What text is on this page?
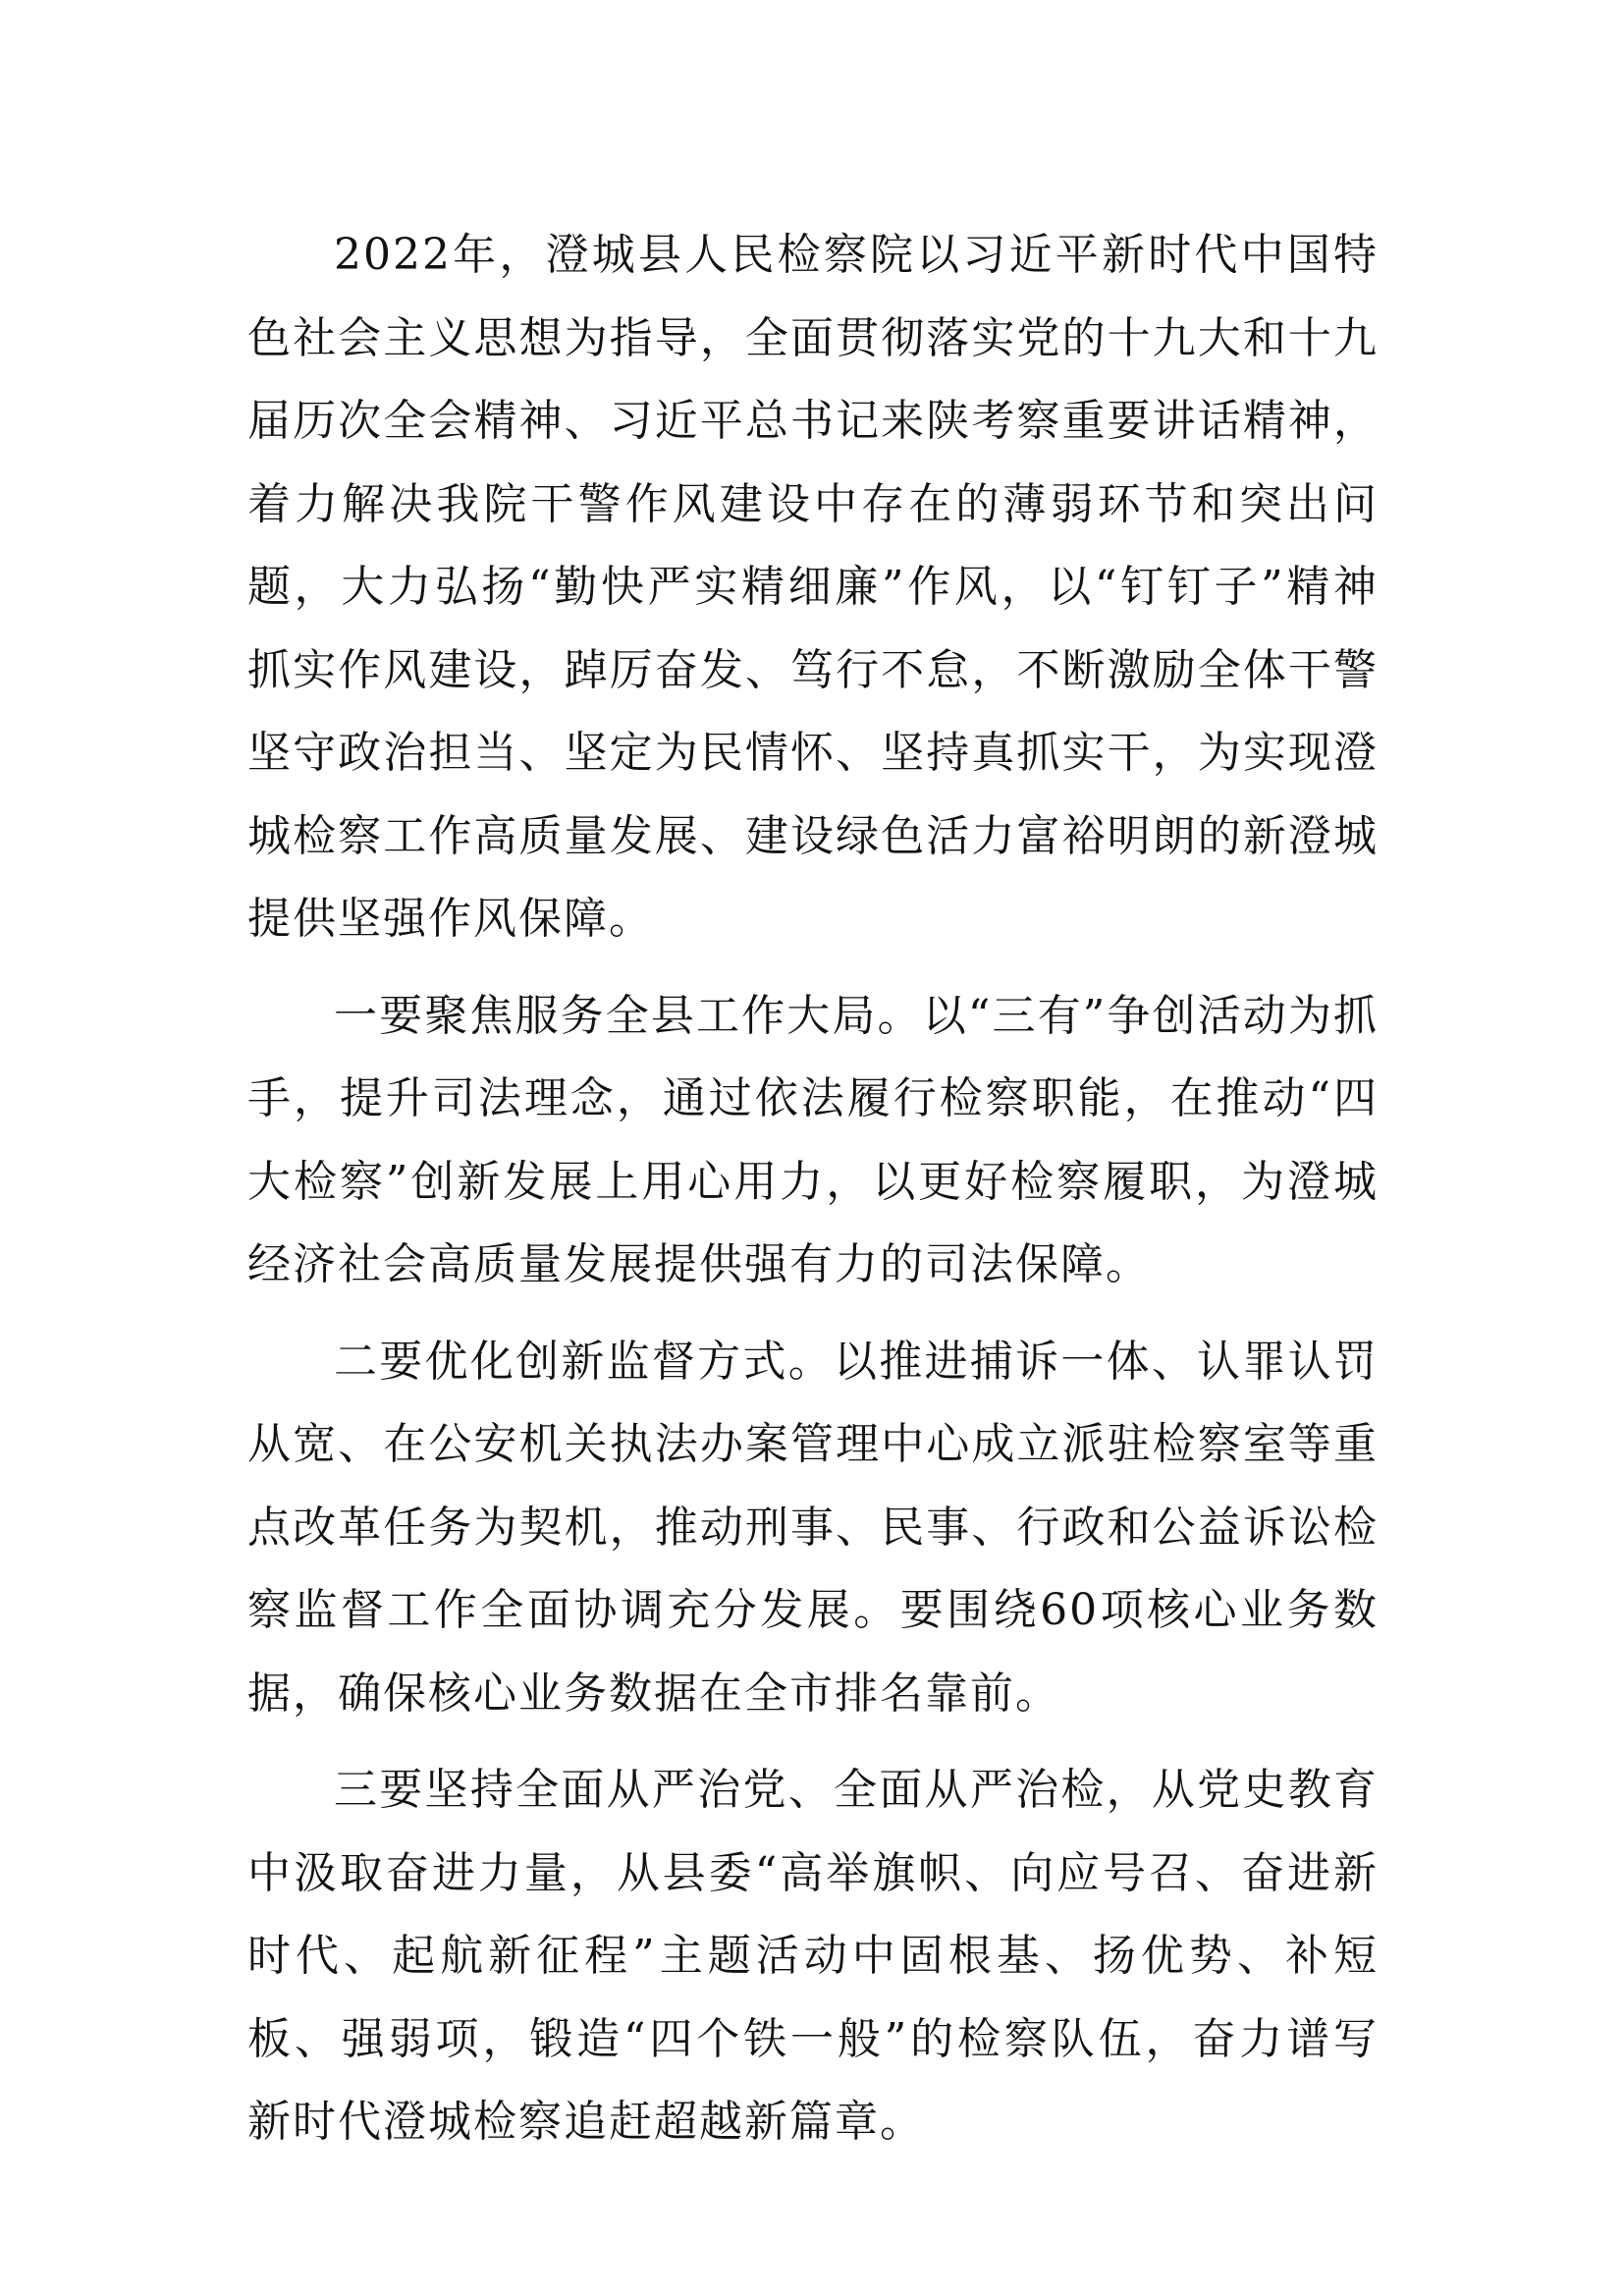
2022年，澄城县人民检察院以习近平新时代中国特色社会主义思想为指导，全面贯彻落实党的十九大和十九届历次全会精神、习近平总书记来陕考察重要讲话精神，着力解决我院干警作风建设中存在的薄弱环节和突出问题，大力弘扬“勤快严实精细廉”作风，以“钉钉子”精神抓实作风建设，踔厉奋发、笃行不怠，不断激励全体干警坚守政治担当、坚定为民情怀、坚持真抓实干，为实现澄城检察工作高质量发展、建设绿色活力富裕明朗的新澄城提供坚强作风保障。

一要聚焦服务全县工作大局。以“三有”争创活动为抓手，提升司法理念，通过依法履行检察职能，在推动“四大检察”创新发展上用心用力，以更好检察履职，为澄城经济社会高质量发展提供强有力的司法保障。

二要优化创新监督方式。以推进捕诉一体、认罪认罚从宽、在公安机关执法办案管理中心成立派驻检察室等重点改革任务为契机，推动刑事、民事、行政和公益诉讼检察监督工作全面协调充分发展。要围绕60项核心业务数据，确保核心业务数据在全市排名靠前。

三要坚持全面从严治党、全面从严治检，从党史教育中汲取奋进力量，从县委“高举旗帜、向应号召、奋进新时代、起航新征程”主题活动中固根基、扬优势、补短板、强弱项，锻造“四个铁一般”的检察队伍，奋力谱写新时代澄城检察追赶超越新篇章。
